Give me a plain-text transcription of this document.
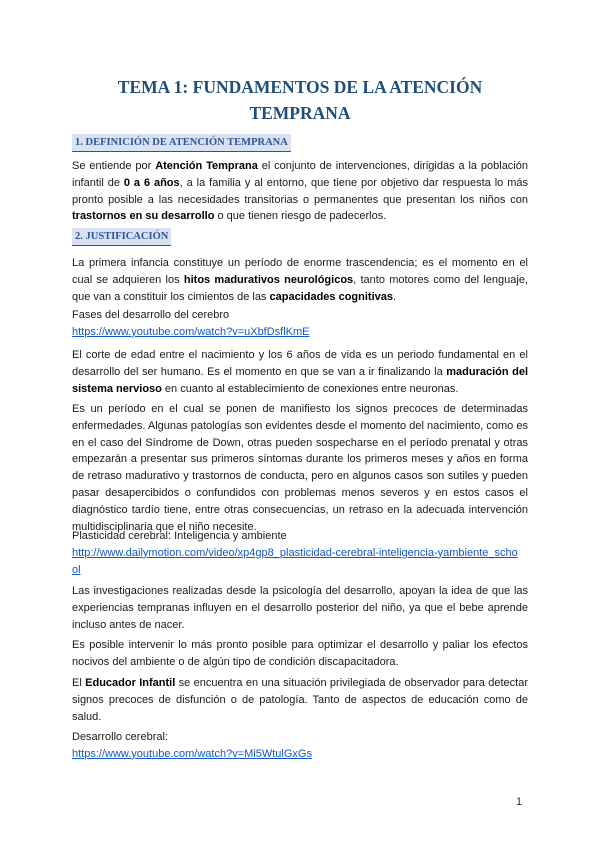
TEMA 1: FUNDAMENTOS DE LA ATENCIÓN
TEMPRANA
1. DEFINICIÓN DE ATENCIÓN TEMPRANA

Se entiende por Atención Temprana el conjunto de intervenciones, dirigidas a la población infantil de 0 a 6 años, a la familia y al entorno, que tiene por objetivo dar respuesta lo más pronto posible a las necesidades transitorias o permanentes que presentan los niños con trastornos en su desarrollo o que tienen riesgo de padecerlos.

2. JUSTIFICACIÓN

La primera infancia constituye un período de enorme trascendencia; es el momento en el cual se adquieren los hitos madurativos neurológicos, tanto motores como del lenguaje, que van a constituir los cimientos de las capacidades cognitivas.

Fases del desarrollo del cerebro
https://www.youtube.com/watch?v=uXbfDsflKmE

El corte de edad entre el nacimiento y los 6 años de vida es un periodo fundamental en el desarrollo del ser humano. Es el momento en que se van a ir finalizando la maduración del sistema nervioso en cuanto al establecimiento de conexiones entre neuronas.

Es un período en el cual se ponen de manifiesto los signos precoces de determinadas enfermedades. Algunas patologías son evidentes desde el momento del nacimiento, como es en el caso del Síndrome de Down, otras pueden sospecharse en el período prenatal y otras empezarán a presentar sus primeros síntomas durante los primeros meses y años en forma de retraso madurativo y trastornos de conducta, pero en algunos casos son sutiles y pueden pasar desapercibidos o confundidos con problemas menos severos y en estos casos el diagnóstico tardío tiene, entre otras consecuencias, un retraso en la adecuada intervención multidisciplinaria que el niño necesite.

Plasticidad cerebral: Inteligencia y ambiente
http://www.dailymotion.com/video/xp4gp8_plasticidad-cerebral-inteligencia-yambiente_scho
ol

Las investigaciones realizadas desde la psicología del desarrollo, apoyan la idea de que las experiencias tempranas influyen en el desarrollo posterior del niño, ya que el bebe aprende incluso antes de nacer.

Es posible intervenir lo más pronto posible para optimizar el desarrollo y paliar los efectos nocivos del ambiente o de algún tipo de condición discapacitadora.

El Educador Infantil se encuentra en una situación privilegiada de observador para detectar signos precoces de disfunción o de patología. Tanto de aspectos de educación como de salud.

Desarrollo cerebral:
https://www.youtube.com/watch?v=Mi5WtulGxGs

1
